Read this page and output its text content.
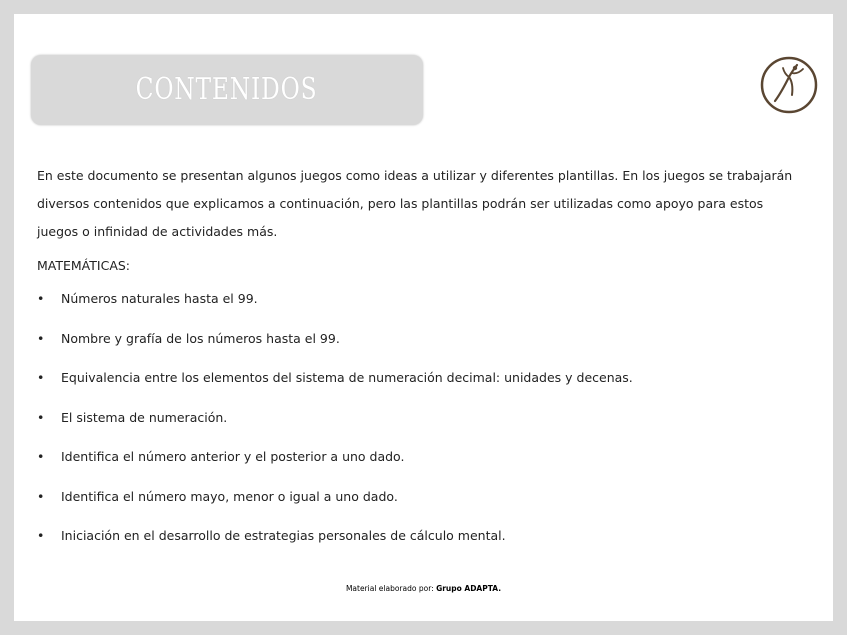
CONTENIDOS

En este documento se presentan algunos juegos como ideas a utilizar y diferentes plantillas. En los juegos se trabajarán diversos contenidos que explicamos a continuación, pero las plantillas podrán ser utilizadas como apoyo para estos juegos o infinidad de actividades más.

MATEMÁTICAS:

• Números naturales hasta el 99.
• Nombre y grafía de los números hasta el 99.
• Equivalencia entre los elementos del sistema de numeración decimal: unidades y decenas.
• El sistema de numeración.
• Identifica el número anterior y el posterior a uno dado.
• Identifica el número mayo, menor o igual a uno dado.
• Iniciación en el desarrollo de estrategias personales de cálculo mental.
Material elaborado por: Grupo ADAPTA.
